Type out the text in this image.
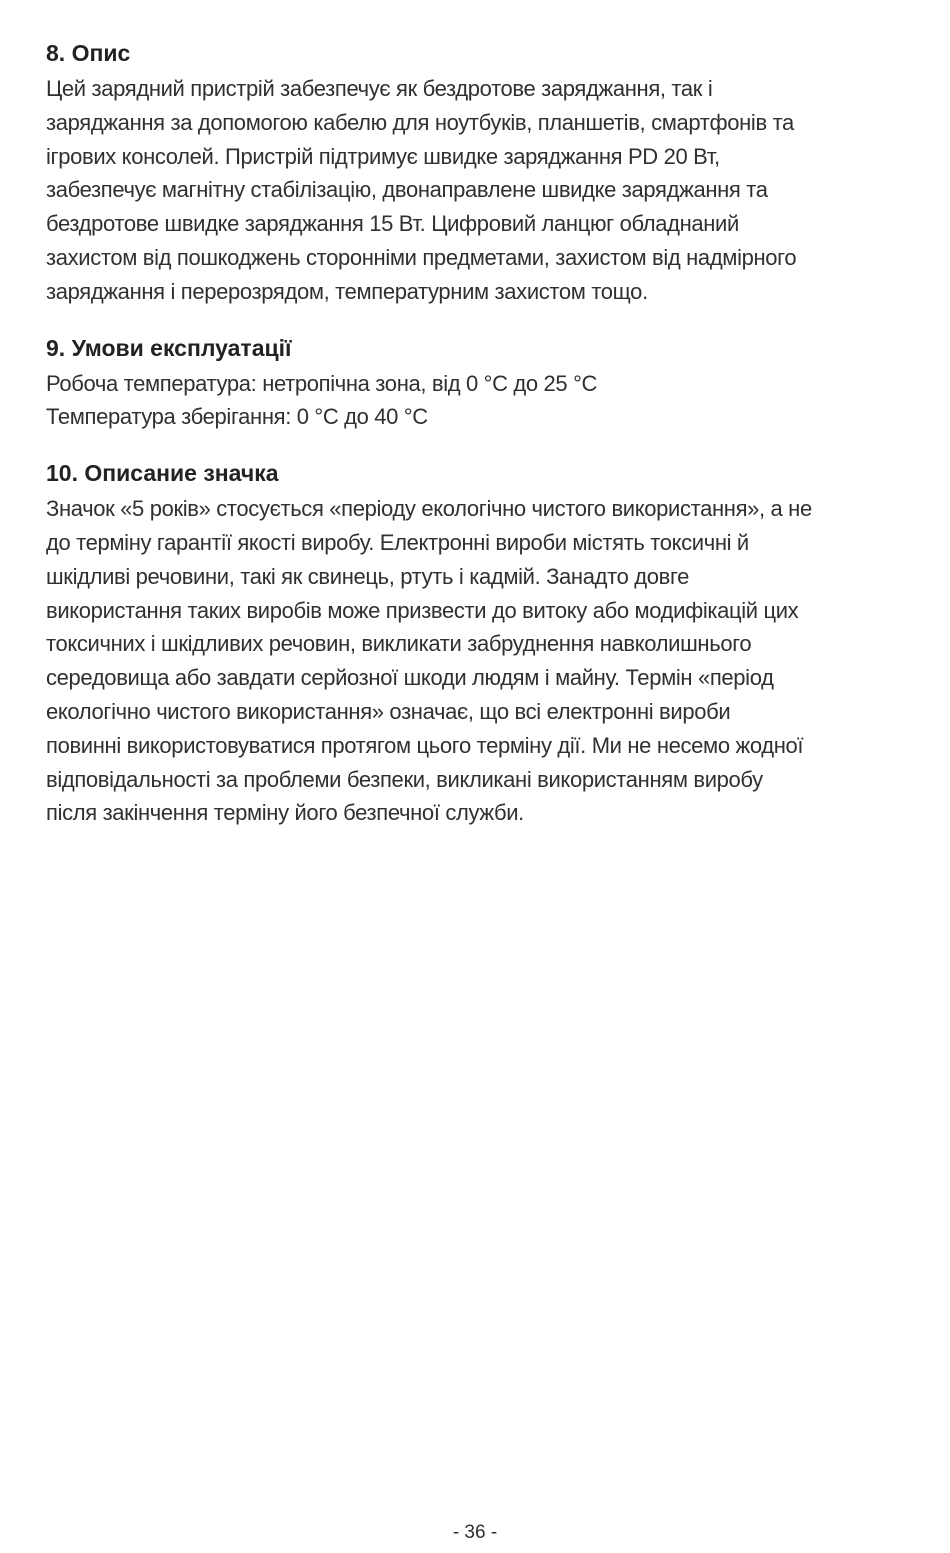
8. Опис
Цей зарядний пристрій забезпечує як бездротове заряджання, так і
заряджання за допомогою кабелю для ноутбуків, планшетів, смартфонів та
ігрових консолей. Пристрій підтримує швидке заряджання PD 20 Вт,
забезпечує магнітну стабілізацію, двонаправлене швидке заряджання та
бездротове швидке заряджання 15 Вт. Цифровий ланцюг обладнаний
захистом від пошкоджень сторонніми предметами, захистом від надмірного
заряджання і перерозрядом, температурним захистом тощо.
9. Умови експлуатації
Робоча температура: нетропічна зона, від 0 °C до 25 °C
Температура зберігання: 0 °C до 40 °C
10. Описание значка
Значок «5 років» стосується «періоду екологічно чистого використання», а не
до терміну гарантії якості виробу. Електронні вироби містять токсичні й
шкідливі речовини, такі як свинець, ртуть і кадмій. Занадто довге
використання таких виробів може призвести до витоку або модифікацій цих
токсичних і шкідливих речовин, викликати забруднення навколишнього
середовища або завдати серйозної шкоди людям і майну. Термін «період
екологічно чистого використання» означає, що всі електронні вироби
повинні використовуватися протягом цього терміну дії. Ми не несемо жодної
відповідальності за проблеми безпеки, викликані використанням виробу
після закінчення терміну його безпечної служби.
- 36 -
